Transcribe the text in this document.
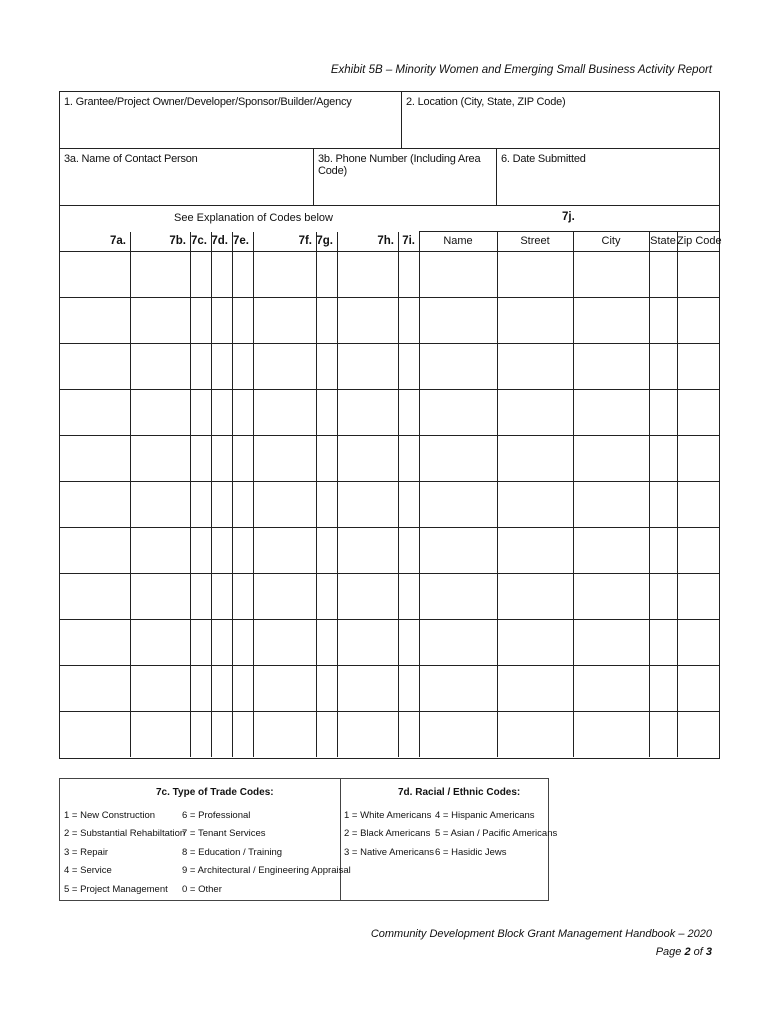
Exhibit 5B – Minority Women and Emerging Small Business Activity Report
1. Grantee/Project Owner/Developer/Sponsor/Builder/Agency	2. Location (City, State, ZIP Code)
3a. Name of Contact Person	3b. Phone Number (Including Area Code)
6. Date Submitted
See Explanation of Codes below	7j.
7a.	7b. 7c. 7d. 7e.	7f. 7g.	7h. 7i.	Name	Street	City	State Zip Code
7c. Type of Trade Codes:
1 = New Construction
2 = Substantial Rehabiltation
3 = Repair
4 = Service
5 = Project Management
6 = Professional
7 = Tenant Services
8 = Education / Training
9 = Architectural / Engineering Appraisal
0 = Other
7d. Racial / Ethnic Codes:
1 = White Americans
2 = Black Americans
3 = Native Americans
4 = Hispanic Americans
5 = Asian / Pacific Americans
6 = Hasidic Jews
Community Development Block Grant Management Handbook – 2020
Page 2 of 3
